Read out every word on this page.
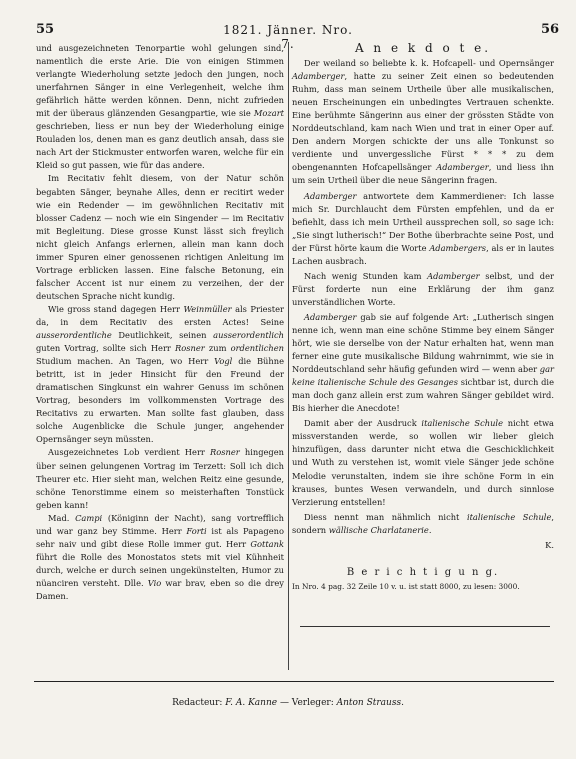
55	1821. Jänner. Nro. 7.
56

und ausgezeichneten Tenorpartie wohl gelungen sind, namentlich die erste Arie. Die von einigen Stimmen verlangte Wiederholung setzte jedoch den jungen, noch unerfahrnen Sänger in eine Verlegenheit, welche ihm gefährlich hätte werden können. Denn, nicht zufrieden mit der überaus glänzenden Gesangpartie, wie sie Mozart geschrieben, liess er nun bey der Wiederholung einige Rouladen los, denen man es ganz deutlich ansah, dass sie nach Art der Stickmuster entworfen waren, welche für ein Kleid so gut passen, wie für das andere.

Im Recitativ fehlt diesem, von der Natur schön begabten Sänger, beynahe Alles, denn er recitirt weder wie ein Redender — im gewöhnlichen Recitativ mit blosser Cadenz — noch wie ein Singender — im Recitativ mit Begleitung. Diese grosse Kunst lässt sich freylich nicht gleich Anfangs erlernen, allein man kann doch immer Spuren einer genossenen richtigen Anleitung im Vortrage erblicken lassen. Eine falsche Betonung, ein falscher Accent ist nur einem zu verzeihen, der der deutschen Sprache nicht kundig.

Wie gross stand dagegen Herr Weinmüller als Priester da, in dem Recitativ des ersten Actes! Seine ausserordentliche Deutlichkeit, seinen ausserordentlich guten Vortrag, sollte sich Herr Rosner zum ordentlichen Studium machen. An Tagen, wo Herr Vogl die Bühne betritt, ist in jeder Hinsicht für den Freund der dramatischen Singkunst ein wahrer Genuss im schönen Vortrag, besonders im vollkommensten Vortrage des Recitativs zu erwarten. Man sollte fast glauben, dass solche Augenblicke die Schule junger, angehender Opernsänger seyn müssten.

Ausgezeichnetes Lob verdient Herr Rosner hingegen über seinen gelungenen Vortrag im Terzett: Soll ich dich Theurer etc. Hier sieht man, welchen Reitz eine gesunde, schöne Tenorstimme einem so meisterhaften Tonstück geben kann!

Mad. Campi (Königinn der Nacht), sang vortrefflich und war ganz bey Stimme. Herr Forti ist als Papageno sehr naiv und gibt diese Rolle immer gut. Herr Gottank führt die Rolle des Monostatos stets mit viel Kühnheit durch, welche er durch seinen ungekünstelten, Humor zu nüanciren versteht. Dlle. Vio war brav, eben so die drey Damen.

A n e k d o t e.

Der weiland so beliebte k. k. Hofcapell- und Opernsänger Adamberger, hatte zu seiner Zeit einen so bedeutenden Ruhm, dass man seinem Urtheile über alle musikalischen, neuen Erscheinungen ein unbedingtes Vertrauen schenkte. Eine berühmte Sängerinn aus einer der grössten Städte von Norddeutschland, kam nach Wien und trat in einer Oper auf. Den andern Morgen schickte der uns alle Tonkunst so verdiente und unvergessliche Fürst * * * zu dem obengenannten Hofcapellsänger Adamberger, und liess ihn um sein Urtheil über die neue Sängerinn fragen.

Adamberger antwortete dem Kammerdiener: Ich lasse mich Sr. Durchlaucht dem Fürsten empfehlen, und da er befiehlt, dass ich mein Urtheil aussprechen soll, so sage ich: „Sie singt lutherisch!“ Der Bothe überbrachte seine Post, und der Fürst hörte kaum die Worte Adambergers, als er in lautes Lachen ausbrach.

Nach wenig Stunden kam Adamberger selbst, und der Fürst forderte nun eine Erklärung der ihm ganz unverständlichen Worte.

Adamberger gab sie auf folgende Art: „Lutherisch singen nenne ich, wenn man eine schöne Stimme bey einem Sänger hört, wie sie derselbe von der Natur erhalten hat, wenn man ferner eine gute musikalische Bildung wahrnimmt, wie sie in Norddeutschland sehr häufig gefunden wird — wenn aber gar keine italienische Schule des Gesanges sichtbar ist, durch die man doch ganz allein erst zum wahren Sänger gebildet wird. Bis hierher die Anecdote!

Damit aber der Ausdruck italienische Schule nicht etwa missverstanden werde, so wollen wir lieber gleich hinzufügen, dass darunter nicht etwa die Geschicklichkeit und Wuth zu verstehen ist, womit viele Sänger jede schöne Melodie verunstalten, indem sie ihre schöne Form in ein krauses, buntes Wesen verwandeln, und durch sinnlose Verzierung entstellen!

Diess nennt man nähmlich nicht italienische Schule, sondern wällische Charlatanerie.

K.

B e r i c h t i g u n g.
In Nro. 4 pag. 32 Zeile 10 v. u. ist statt 8000, zu lesen: 3000.
Redacteur: F. A. Kanne — Verleger: Anton Strauss.
